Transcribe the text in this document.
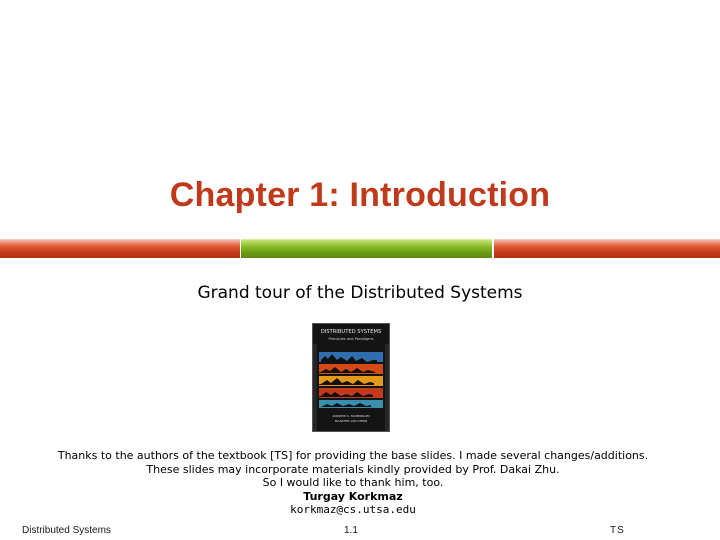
Chapter 1: Introduction
Grand tour of the Distributed Systems
DISTRIBUTED SYSTEMS
Principles and Paradigms
ANDREW S. TANENBAUM
MAARTEN VAN STEEN
Thanks to the authors of the textbook [TS] for providing the base slides. I made several changes/additions.
These slides may incorporate materials kindly provided by Prof. Dakai Zhu.
So I would like to thank him, too.
Turgay Korkmaz
korkmaz@cs.utsa.edu
Distributed Systems	1.1	TS
